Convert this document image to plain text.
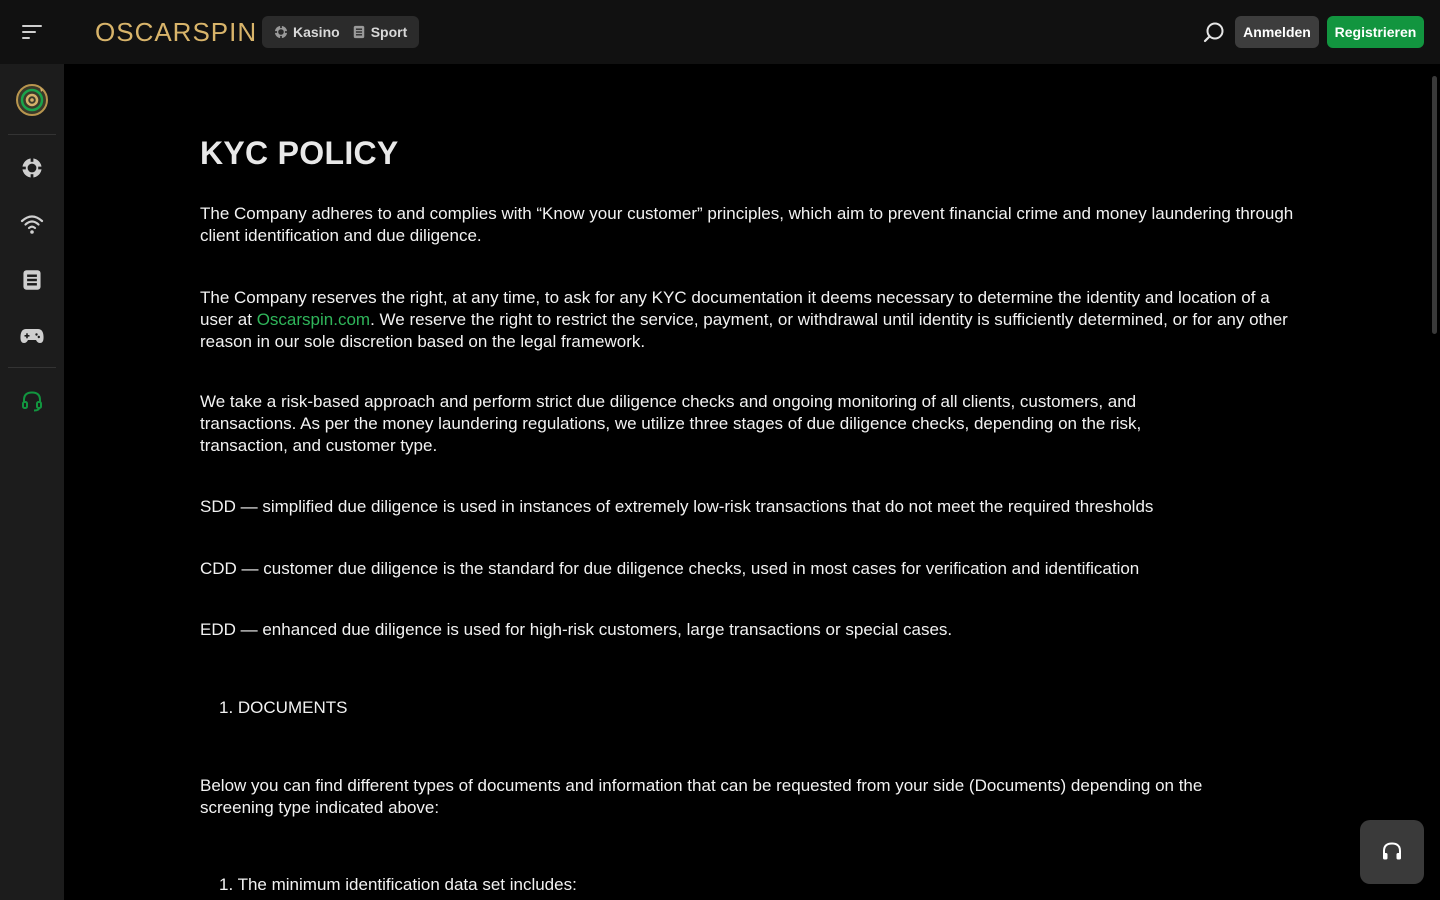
OSCARSPIN	Kasino Sport	Anmelden	Registrieren
KYC POLICY

The Company adheres to and complies with “Know your customer” principles, which aim to prevent financial crime and money laundering through client identification and due diligence.

The Company reserves the right, at any time, to ask for any KYC documentation it deems necessary to determine the identity and location of a user at Oscarspin.com. We reserve the right to restrict the service, payment, or withdrawal until identity is sufficiently determined, or for any other reason in our sole discretion based on the legal framework.

We take a risk-based approach and perform strict due diligence checks and ongoing monitoring of all clients, customers, and transactions. As per the money laundering regulations, we utilize three stages of due diligence checks, depending on the risk, transaction, and customer type.

SDD — simplified due diligence is used in instances of extremely low-risk transactions that do not meet the required thresholds

CDD — customer due diligence is the standard for due diligence checks, used in most cases for verification and identification

EDD — enhanced due diligence is used for high-risk customers, large transactions or special cases.

1. DOCUMENTS

Below you can find different types of documents and information that can be requested from your side (Documents) depending on the screening type indicated above:

1. The minimum identification data set includes:
